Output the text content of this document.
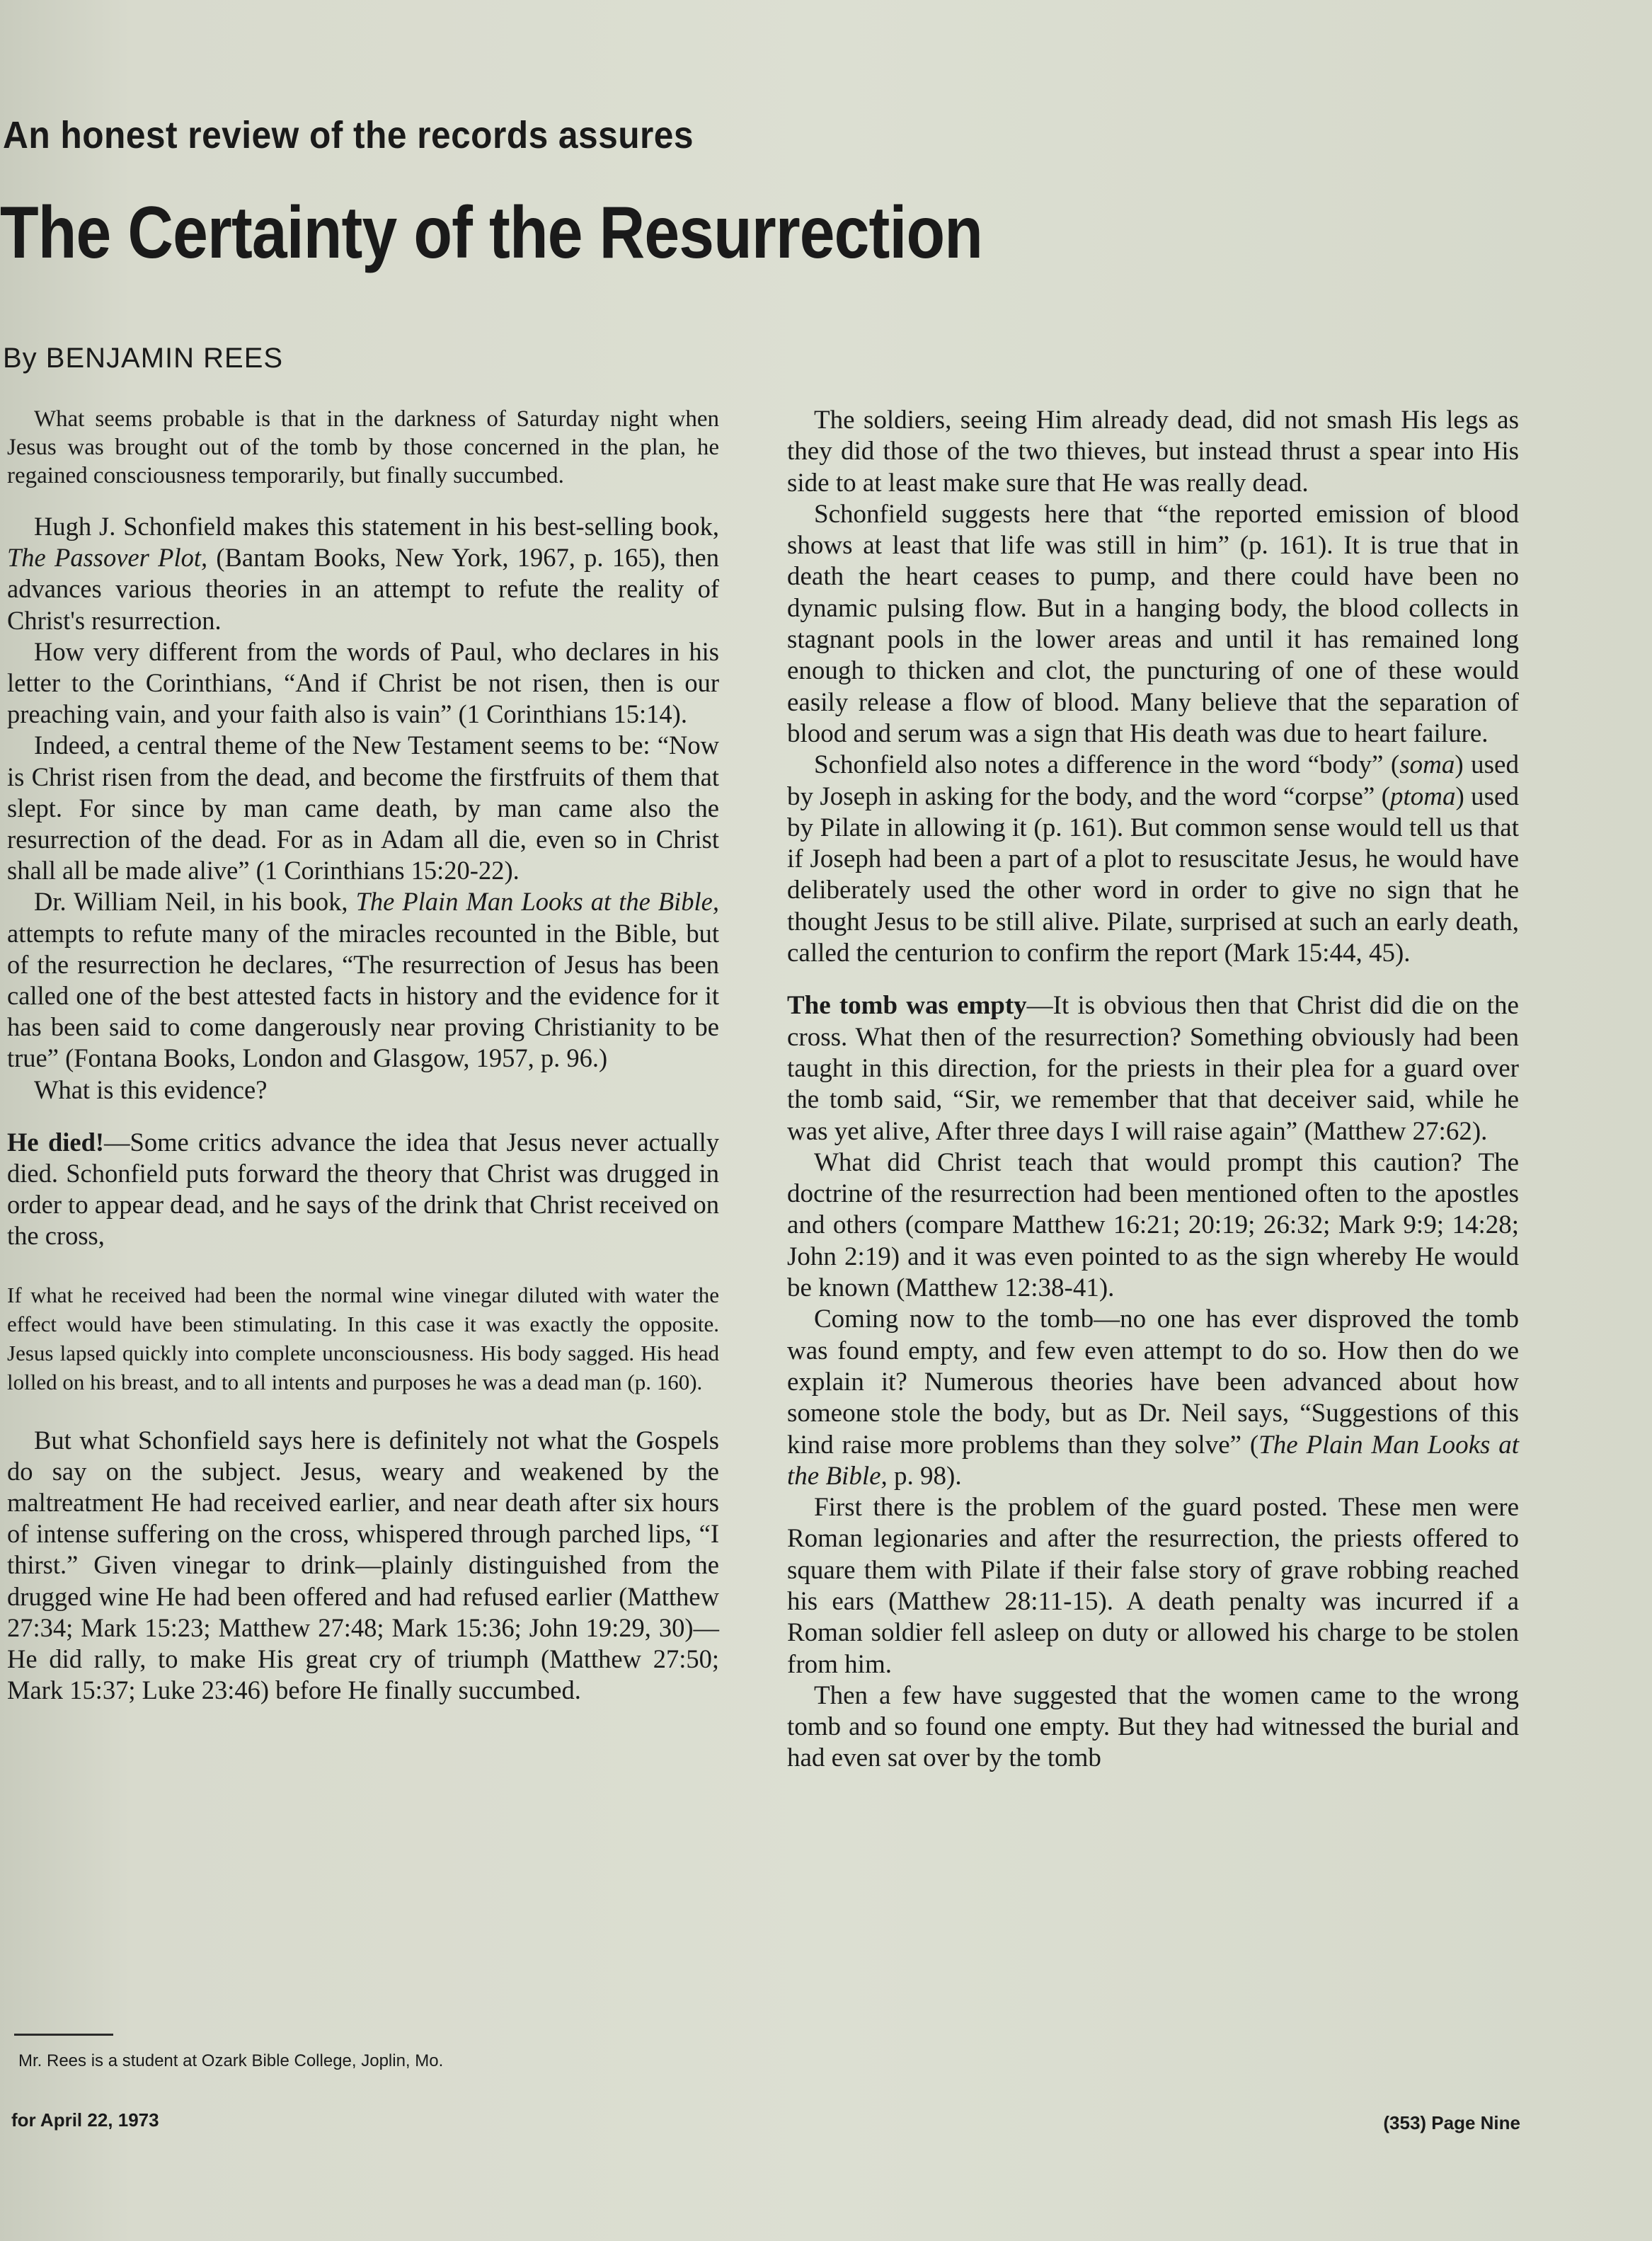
An honest review of the records assures
The Certainty of the Resurrection
By BENJAMIN REES

What seems probable is that in the darkness of Saturday night when Jesus was brought out of the tomb by those concerned in the plan, he regained consciousness temporarily, but finally succumbed.

Hugh J. Schonfield makes this statement in his best-selling book, The Passover Plot, (Bantam Books, New York, 1967, p. 165), then advances various theories in an attempt to refute the reality of Christ's resurrection.

How very different from the words of Paul, who declares in his letter to the Corinthians, “And if Christ be not risen, then is our preaching vain, and your faith also is vain” (1 Corinthians 15:14).

Indeed, a central theme of the New Testament seems to be: “Now is Christ risen from the dead, and become the firstfruits of them that slept. For since by man came death, by man came also the resurrection of the dead. For as in Adam all die, even so in Christ shall all be made alive” (1 Corinthians 15:20-22).

Dr. William Neil, in his book, The Plain Man Looks at the Bible, attempts to refute many of the miracles recounted in the Bible, but of the resurrection he declares, “The resurrection of Jesus has been called one of the best attested facts in history and the evidence for it has been said to come dangerously near proving Christianity to be true” (Fontana Books, London and Glasgow, 1957, p. 96.)

What is this evidence?

He died!—Some critics advance the idea that Jesus never actually died. Schonfield puts forward the theory that Christ was drugged in order to appear dead, and he says of the drink that Christ received on the cross,

If what he received had been the normal wine vinegar diluted with water the effect would have been stimulating. In this case it was exactly the opposite. Jesus lapsed quickly into complete unconsciousness. His body sagged. His head lolled on his breast, and to all intents and purposes he was a dead man (p. 160).

But what Schonfield says here is definitely not what the Gospels do say on the subject. Jesus, weary and weakened by the maltreatment He had received earlier, and near death after six hours of intense suffering on the cross, whispered through parched lips, “I thirst.” Given vinegar to drink—plainly distinguished from the drugged wine He had been offered and had refused earlier (Matthew 27:34; Mark 15:23; Matthew 27:48; Mark 15:36; John 19:29, 30)—He did rally, to make His great cry of triumph (Matthew 27:50; Mark 15:37; Luke 23:46) before He finally succumbed.

The soldiers, seeing Him already dead, did not smash His legs as they did those of the two thieves, but instead thrust a spear into His side to at least make sure that He was really dead.

Schonfield suggests here that “the reported emission of blood shows at least that life was still in him” (p. 161). It is true that in death the heart ceases to pump, and there could have been no dynamic pulsing flow. But in a hanging body, the blood collects in stagnant pools in the lower areas and until it has remained long enough to thicken and clot, the puncturing of one of these would easily release a flow of blood. Many believe that the separation of blood and serum was a sign that His death was due to heart failure.

Schonfield also notes a difference in the word “body” (soma) used by Joseph in asking for the body, and the word “corpse” (ptoma) used by Pilate in allowing it (p. 161). But common sense would tell us that if Joseph had been a part of a plot to resuscitate Jesus, he would have deliberately used the other word in order to give no sign that he thought Jesus to be still alive. Pilate, surprised at such an early death, called the centurion to confirm the report (Mark 15:44, 45).

The tomb was empty—It is obvious then that Christ did die on the cross. What then of the resurrection? Something obviously had been taught in this direction, for the priests in their plea for a guard over the tomb said, “Sir, we remember that that deceiver said, while he was yet alive, After three days I will raise again” (Matthew 27:62).

What did Christ teach that would prompt this caution? The doctrine of the resurrection had been mentioned often to the apostles and others (compare Matthew 16:21; 20:19; 26:32; Mark 9:9; 14:28; John 2:19) and it was even pointed to as the sign whereby He would be known (Matthew 12:38-41).

Coming now to the tomb—no one has ever disproved the tomb was found empty, and few even attempt to do so. How then do we explain it? Numerous theories have been advanced about how someone stole the body, but as Dr. Neil says, “Suggestions of this kind raise more problems than they solve” (The Plain Man Looks at the Bible, p. 98).

First there is the problem of the guard posted. These men were Roman legionaries and after the resurrection, the priests offered to square them with Pilate if their false story of grave robbing reached his ears (Matthew 28:11-15). A death penalty was incurred if a Roman soldier fell asleep on duty or allowed his charge to be stolen from him.

Then a few have suggested that the women came to the wrong tomb and so found one empty. But they had witnessed the burial and had even sat over by the tomb

Mr. Rees is a student at Ozark Bible College, Joplin, Mo.
for April 22, 1973	(353) Page Nine
